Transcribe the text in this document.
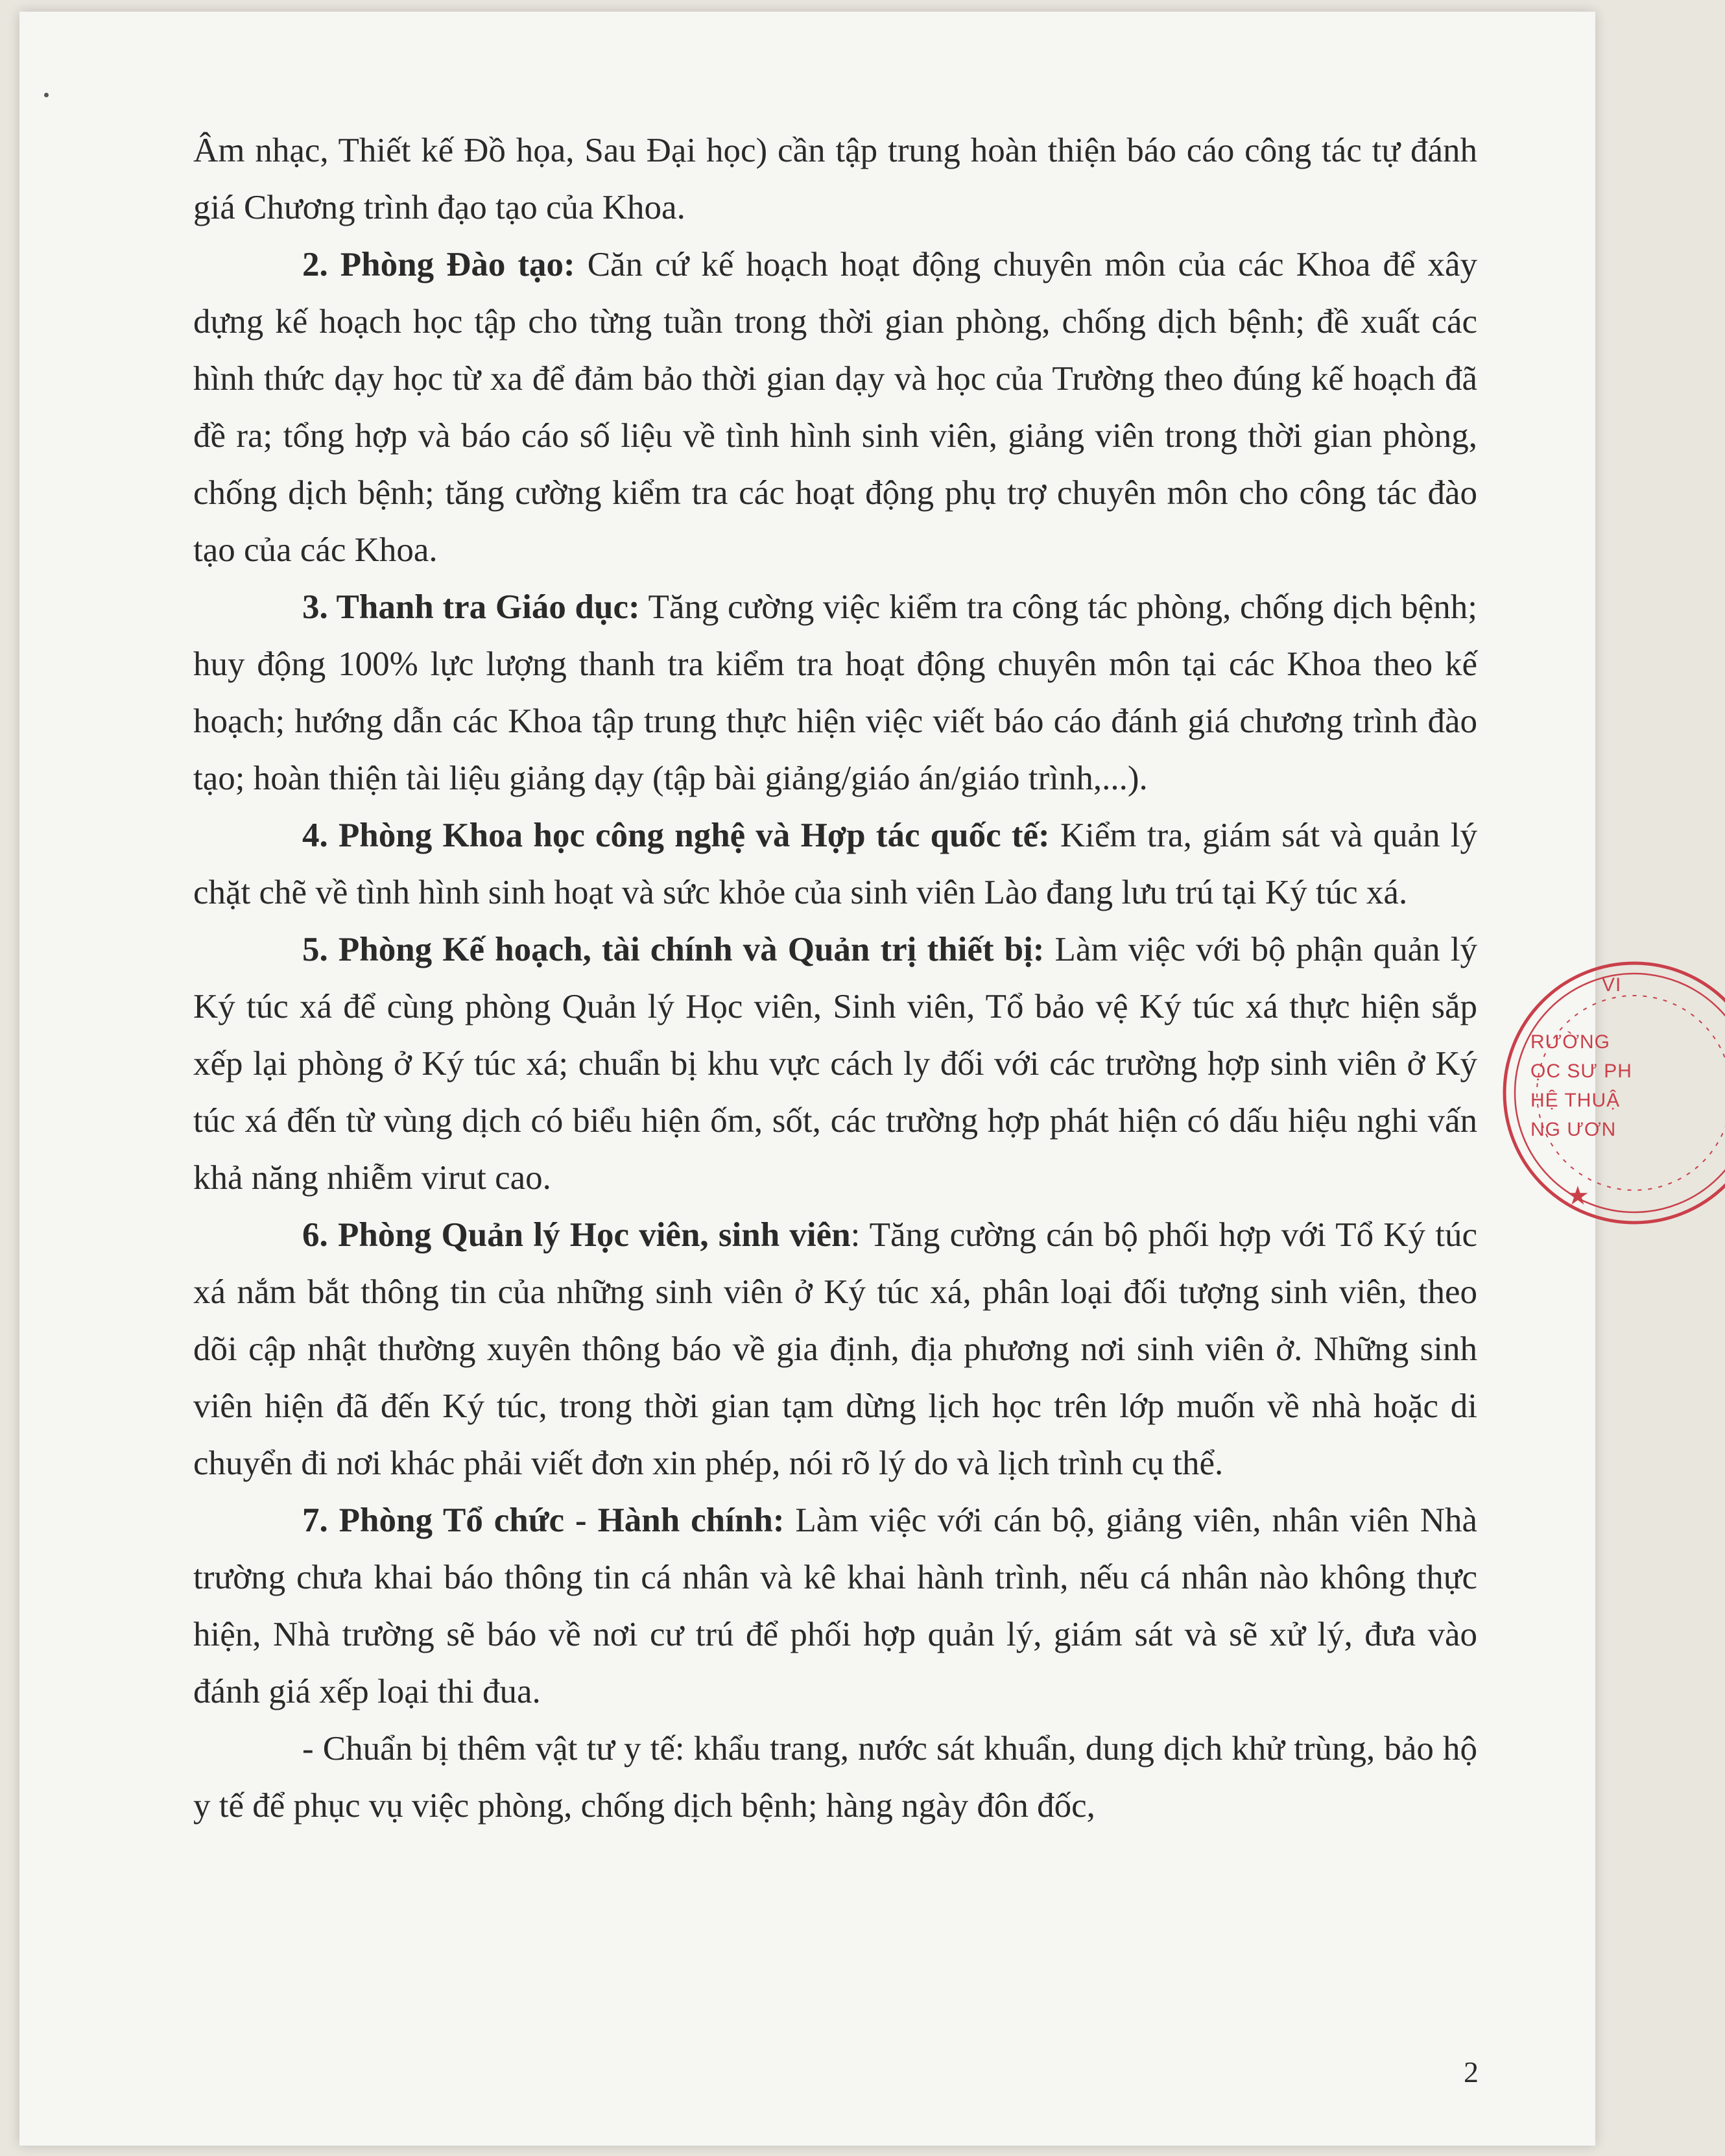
Âm nhạc, Thiết kế Đồ họa, Sau Đại học) cần tập trung hoàn thiện báo cáo công tác tự đánh giá Chương trình đạo tạo của Khoa.

2. Phòng Đào tạo: Căn cứ kế hoạch hoạt động chuyên môn của các Khoa để xây dựng kế hoạch học tập cho từng tuần trong thời gian phòng, chống dịch bệnh; đề xuất các hình thức dạy học từ xa để đảm bảo thời gian dạy và học của Trường theo đúng kế hoạch đã đề ra; tổng hợp và báo cáo số liệu về tình hình sinh viên, giảng viên trong thời gian phòng, chống dịch bệnh; tăng cường kiểm tra các hoạt động phụ trợ chuyên môn cho công tác đào tạo của các Khoa.

3. Thanh tra Giáo dục: Tăng cường việc kiểm tra công tác phòng, chống dịch bệnh; huy động 100% lực lượng thanh tra kiểm tra hoạt động chuyên môn tại các Khoa theo kế hoạch; hướng dẫn các Khoa tập trung thực hiện việc viết báo cáo đánh giá chương trình đào tạo; hoàn thiện tài liệu giảng dạy (tập bài giảng/giáo án/giáo trình,...).

4. Phòng Khoa học công nghệ và Hợp tác quốc tế: Kiểm tra, giám sát và quản lý chặt chẽ về tình hình sinh hoạt và sức khỏe của sinh viên Lào đang lưu trú tại Ký túc xá.

5. Phòng Kế hoạch, tài chính và Quản trị thiết bị: Làm việc với bộ phận quản lý Ký túc xá để cùng phòng Quản lý Học viên, Sinh viên, Tổ bảo vệ Ký túc xá thực hiện sắp xếp lại phòng ở Ký túc xá; chuẩn bị khu vực cách ly đối với các trường hợp sinh viên ở Ký túc xá đến từ vùng dịch có biểu hiện ốm, sốt, các trường hợp phát hiện có dấu hiệu nghi vấn khả năng nhiễm virut cao.

6. Phòng Quản lý Học viên, sinh viên: Tăng cường cán bộ phối hợp với Tổ Ký túc xá nắm bắt thông tin của những sinh viên ở Ký túc xá, phân loại đối tượng sinh viên, theo dõi cập nhật thường xuyên thông báo về gia định, địa phương nơi sinh viên ở. Những sinh viên hiện đã đến Ký túc, trong thời gian tạm dừng lịch học trên lớp muốn về nhà hoặc di chuyển đi nơi khác phải viết đơn xin phép, nói rõ lý do và lịch trình cụ thể.

7. Phòng Tổ chức - Hành chính: Làm việc với cán bộ, giảng viên, nhân viên Nhà trường chưa khai báo thông tin cá nhân và kê khai hành trình, nếu cá nhân nào không thực hiện, Nhà trường sẽ báo về nơi cư trú để phối hợp quản lý, giám sát và sẽ xử lý, đưa vào đánh giá xếp loại thi đua.

- Chuẩn bị thêm vật tư y tế: khẩu trang, nước sát khuẩn, dung dịch khử trùng, bảo hộ y tế để phục vụ việc phòng, chống dịch bệnh; hàng ngày đôn đốc,

2
VI
RƯỜNG
ỌC SƯ PH
HỆ THUẬ
NG ƯƠN
★
